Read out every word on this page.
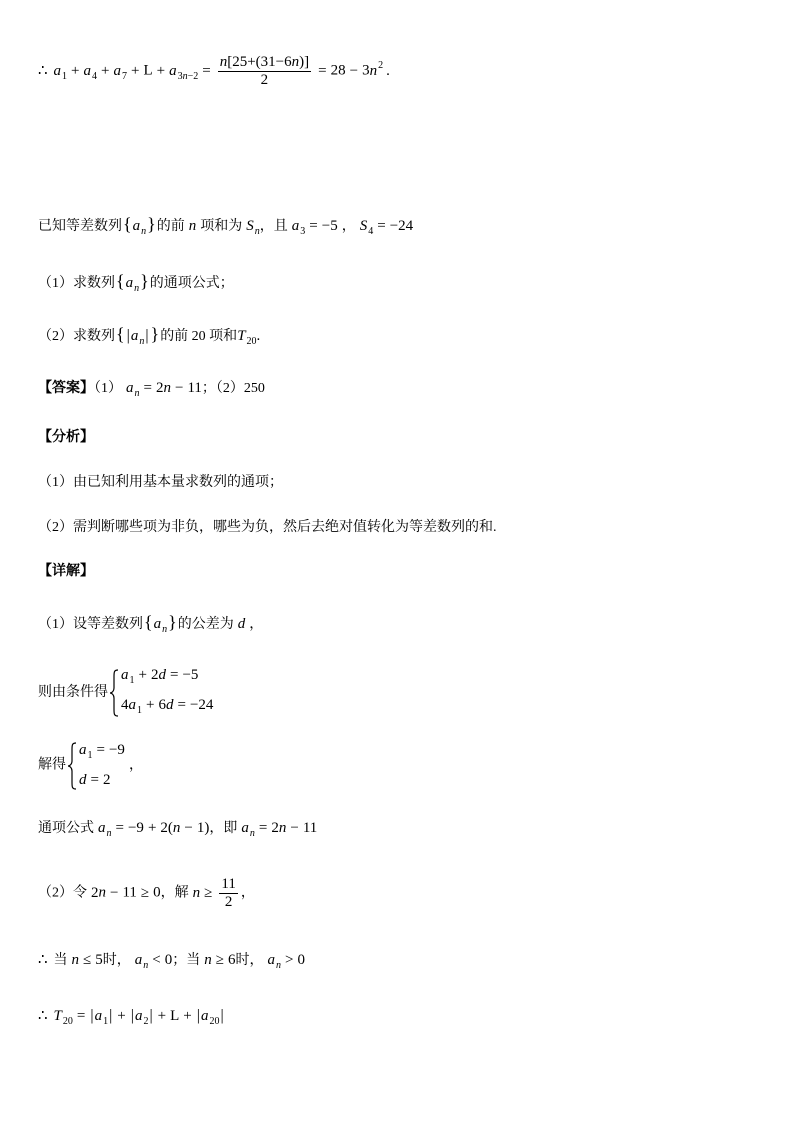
∴ $a_1 + a_4 + a_7 + L + a_{3n-2} = \frac{n[25+(31-6n)]}{2} = 28 - 3n^2$ .
已知等差数列$\{a_n\}$的前 n 项和为 $S_n$，且 $a_3 = -5$ ， $S_4 = -24$
（1）求数列$\{a_n\}$的通项公式；
（2）求数列{ $|a_n|$ }的前 20 项和$T_{20}$.
【答案】（1） $a_n = 2n - 11$；（2）250
【分析】
（1）由已知利用基本量求数列的通项；
（2）需判断哪些项为非负，哪些为负，然后去绝对值转化为等差数列的和.
【详解】
（1）设等差数列$\{a_n\}$的公差为 d ，
则由条件得
$a_1 + 2d = -5$
$4a_1 + 6d = -24$
解得
$a_1 = -9$
d = 2
，
通项公式 $a_n = -9 + 2(n - 1)$，即 $a_n = 2n - 11$
（2）令 2n − 11 ≥ 0，解 $n \ge \frac{11}{2}$ ，
∴ 当 n ≤ 5时， $a_n < 0$；当 n ≥ 6时， $a_n > 0$
∴ $T_{20} = |a_1| + |a_2| + L + |a_{20}|$
